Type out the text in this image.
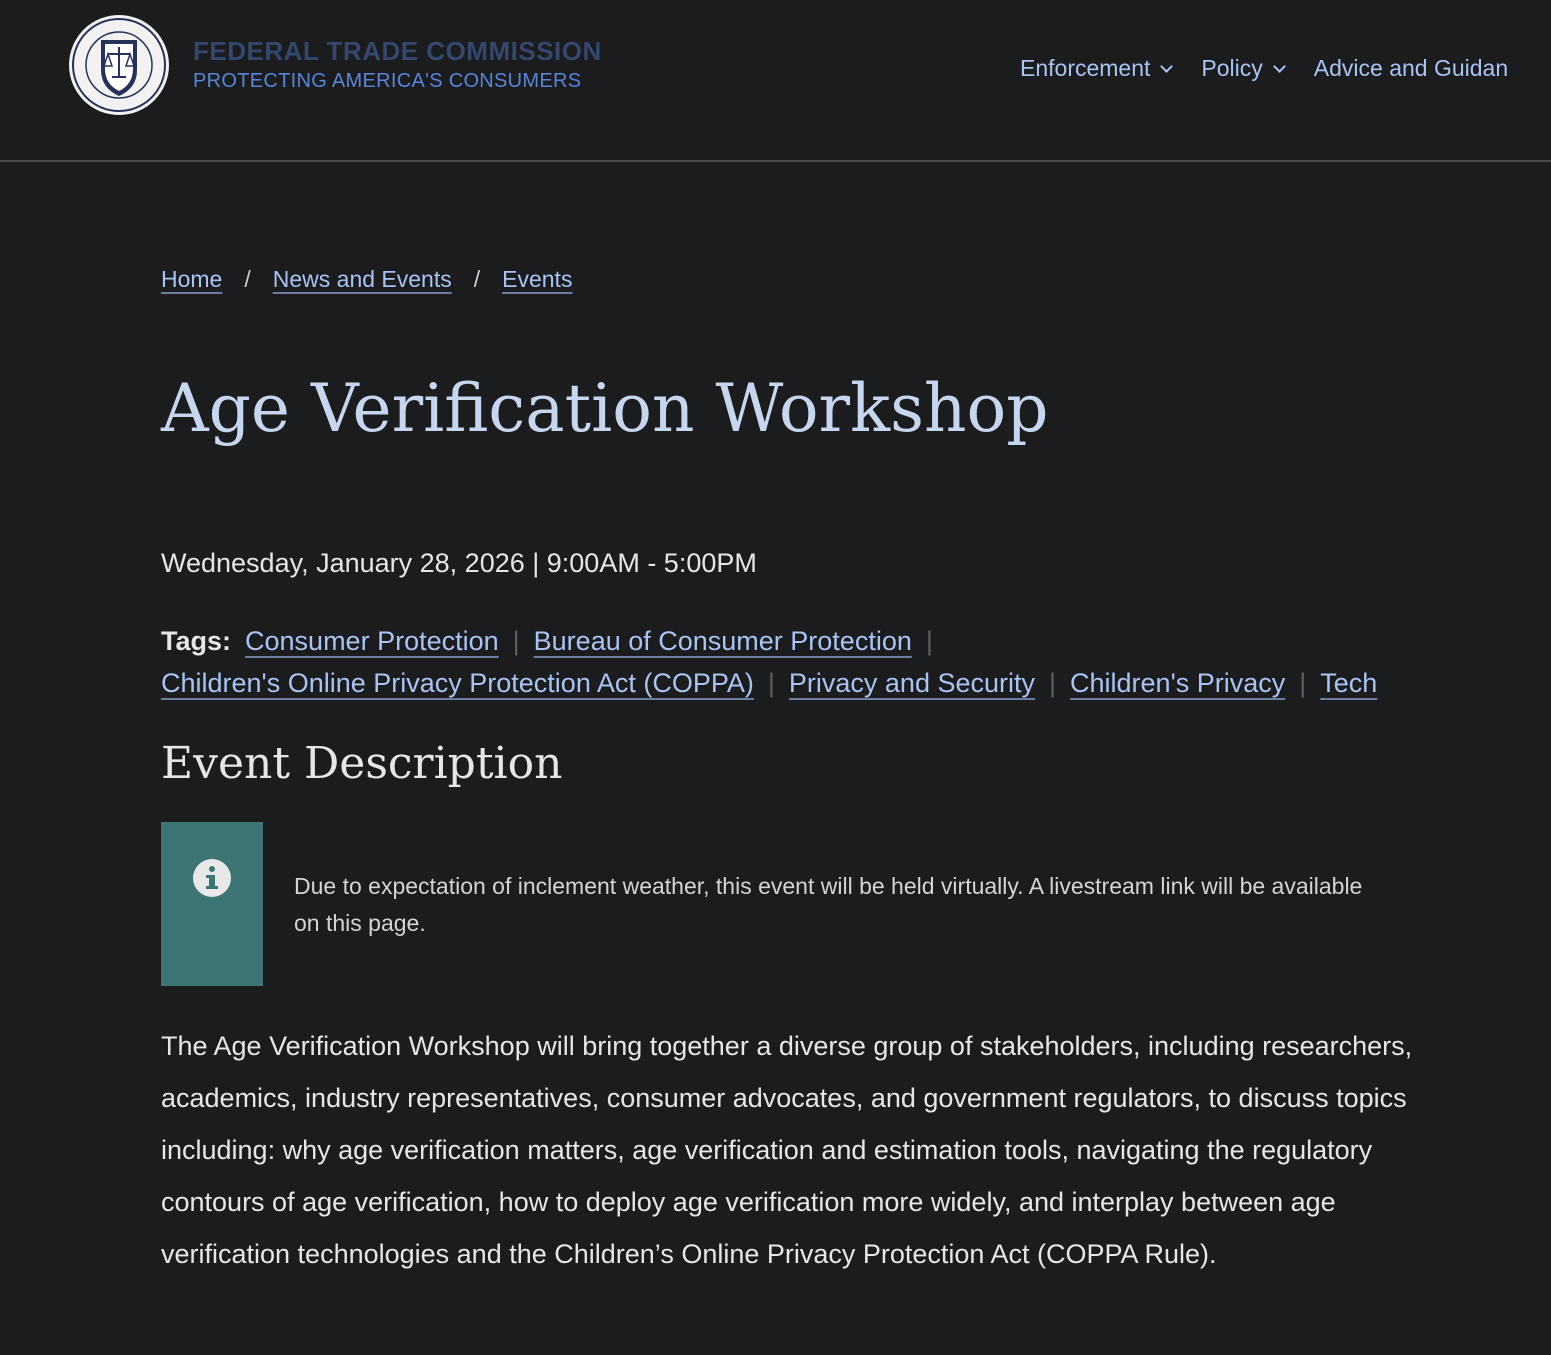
FEDERAL TRADE COMMISSION
PROTECTING AMERICA'S CONSUMERS	Enforcement Policy Advice and Guidan
Home / News and Events / Events
Age Verification Workshop
Wednesday, January 28, 2026 | 9:00AM - 5:00PM
Tags: Consumer Protection | Bureau of Consumer Protection |
Children's Online Privacy Protection Act (COPPA) | Privacy and Security | Children's Privacy | Tech
Event Description
Due to expectation of inclement weather, this event will be held virtually. A livestream link will be available on this page.

The Age Verification Workshop will bring together a diverse group of stakeholders, including researchers, academics, industry representatives, consumer advocates, and government regulators, to discuss topics including: why age verification matters, age verification and estimation tools, navigating the regulatory contours of age verification, how to deploy age verification more widely, and interplay between age verification technologies and the Children’s Online Privacy Protection Act (COPPA Rule).
